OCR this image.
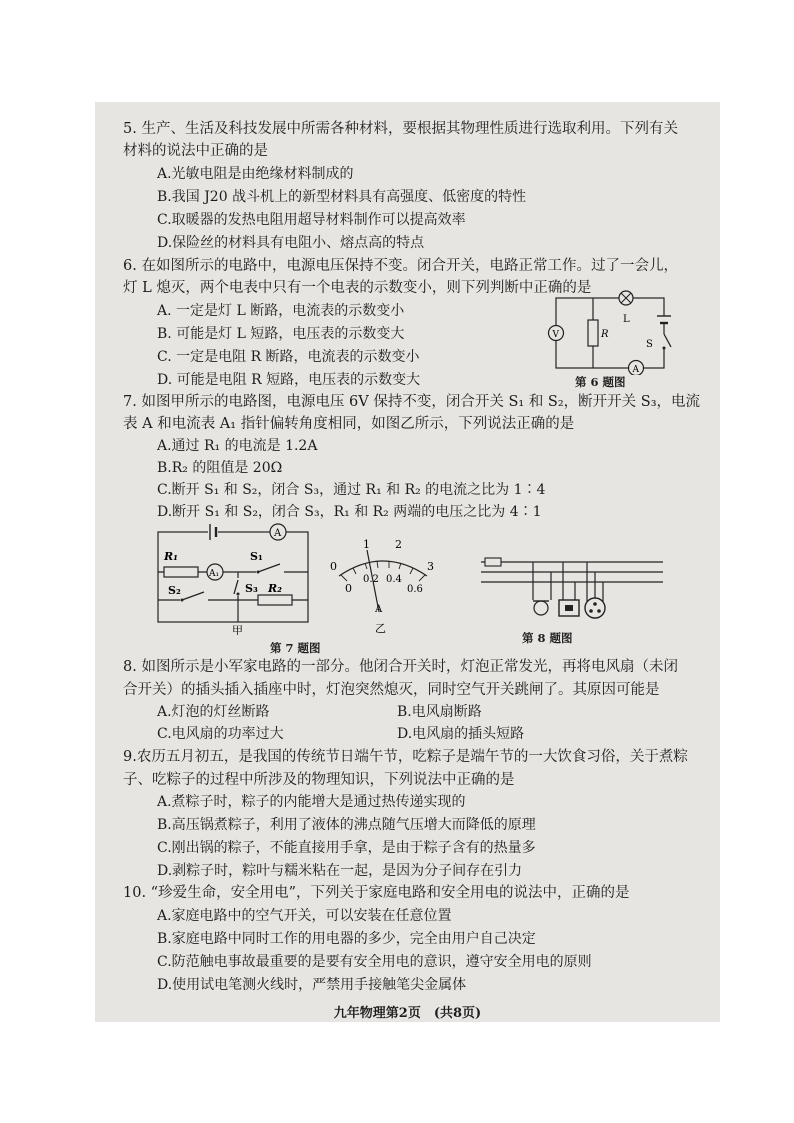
5. 生产、生活及科技发展中所需各种材料，要根据其物理性质进行选取利用。下列有关
材料的说法中正确的是
A.光敏电阻是由绝缘材料制成的
B.我国 J20 战斗机上的新型材料具有高强度、低密度的特性
C.取暖器的发热电阻用超导材料制作可以提高效率
D.保险丝的材料具有电阻小、熔点高的特点
6. 在如图所示的电路中，电源电压保持不变。闭合开关，电路正常工作。过了一会儿，
灯 L 熄灭，两个电表中只有一个电表的示数变小，则下列判断中正确的是
A. 一定是灯 L 断路，电流表的示数变小
B. 可能是灯 L 短路，电压表的示数变大
C. 一定是电阻 R 断路，电流表的示数变小
D. 可能是电阻 R 短路，电压表的示数变大
L
S
R
V
A
第 6 题图
7. 如图甲所示的电路图，电源电压 6V 保持不变，闭合开关 S₁ 和 S₂，断开开关 S₃，电流
表 A 和电流表 A₁ 指针偏转角度相同，如图乙所示，下列说法正确的是
A.通过 R₁ 的电流是 1.2A
B.R₂ 的阻值是 20Ω
C.断开 S₁ 和 S₂，闭合 S₃，通过 R₁ 和 R₂ 的电流之比为 1∶4
D.断开 S₁ 和 S₂，闭合 S₃，R₁ 和 R₂ 两端的电压之比为 4∶1
A
R₁
A₁
S₁
S₂	S₃ R₂
甲
0
1 2
3
0
0.2 0.4
0.6
A
乙
第 7 题图
第 8 题图
8. 如图所示是小军家电路的一部分。他闭合开关时，灯泡正常发光，再将电风扇（未闭
合开关）的插头插入插座中时，灯泡突然熄灭，同时空气开关跳闸了。其原因可能是
A.灯泡的灯丝断路	B.电风扇断路
C.电风扇的功率过大	D.电风扇的插头短路
9.农历五月初五，是我国的传统节日端午节，吃粽子是端午节的一大饮食习俗，关于煮粽
子、吃粽子的过程中所涉及的物理知识，下列说法中正确的是
A.煮粽子时，粽子的内能增大是通过热传递实现的
B.高压锅煮粽子，利用了液体的沸点随气压增大而降低的原理
C.刚出锅的粽子，不能直接用手拿，是由于粽子含有的热量多
D.剥粽子时，粽叶与糯米粘在一起，是因为分子间存在引力
10. “珍爱生命，安全用电”，下列关于家庭电路和安全用电的说法中，正确的是
A.家庭电路中的空气开关，可以安装在任意位置
B.家庭电路中同时工作的用电器的多少，完全由用户自己决定
C.防范触电事故最重要的是要有安全用电的意识，遵守安全用电的原则
D.使用试电笔测火线时，严禁用手接触笔尖金属体
九年物理第2页　(共8页)
